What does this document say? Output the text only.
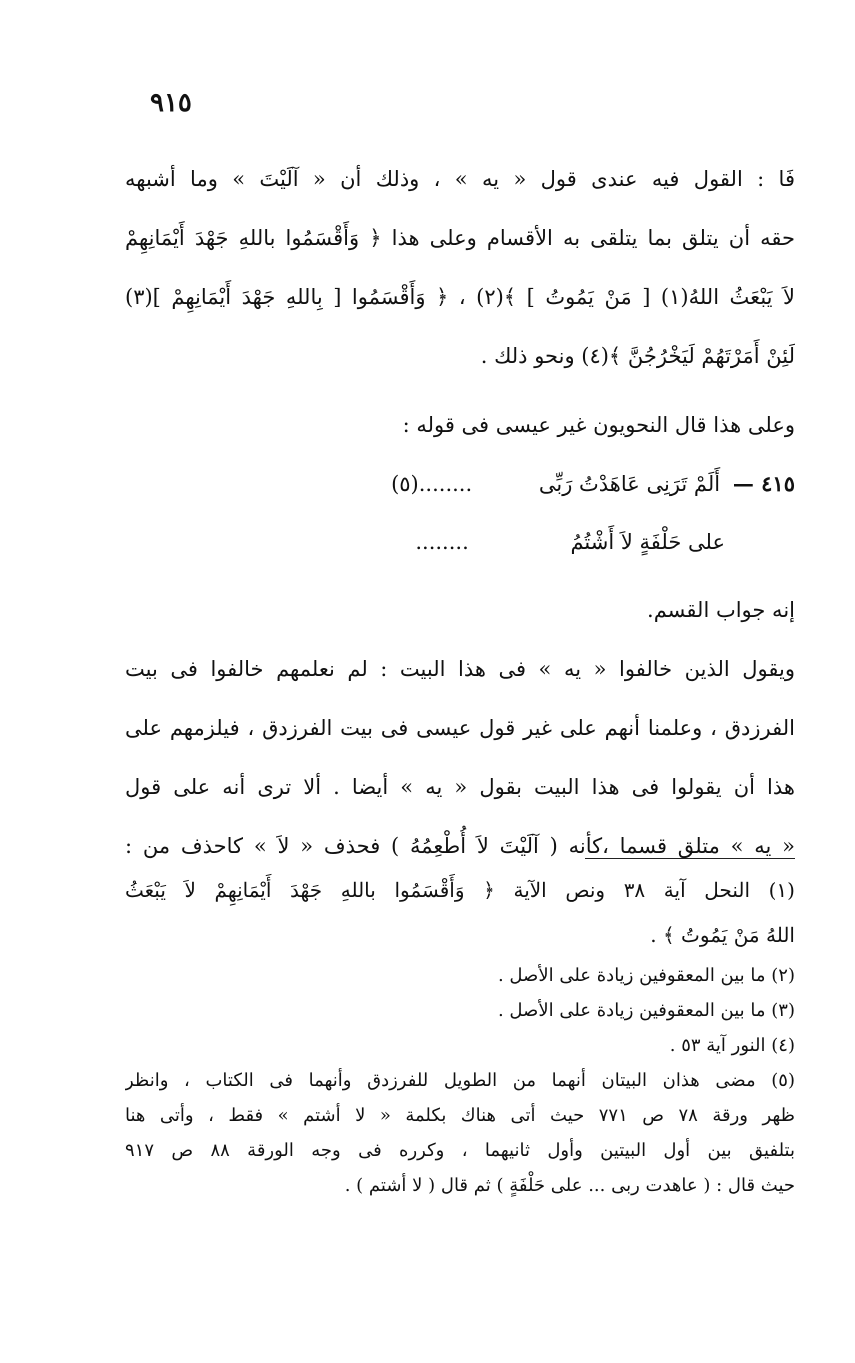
٩١٥
فَا : القول فيه عندى قول « يه » ، وذلك أن « آلَيْتَ » وما أشبهه
حقه أن يتلق بما يتلقى به الأقسام وعلى هذا ﴿ وَأَقْسَمُوا باللهِ جَهْدَ أَيْمَانِهِمْ
لاَ يَبْعَثُ اللهُ(١) [ مَنْ يَمُوتُ ] ﴾(٢) ، ﴿ وَأَقْسَمُوا [ بِاللهِ جَهْدَ أَيْمَانِهِمْ ](٣)
لَئِنْ أَمَرْتَهُمْ لَيَخْرُجُنَّ ﴾(٤) ونحو ذلك .
وعلى هذا قال النحويون غير عيسى فى قوله :
٤١٥ — أَلَمْ تَرَنِى عَاهَدْتُ رَبِّى ........(٥)
على حَلْفَةٍ لاَ أَشْتُمُ ........
إنه جواب القسم.
ويقول الذين خالفوا « يه » فى هذا البيت : لم نعلمهم خالفوا فى بيت
الفرزدق ، وعلمنا أنهم على غير قول عيسى فى بيت الفرزدق ، فيلزمهم على
هذا أن يقولوا فى هذا البيت بقول « يه » أيضا . ألا ترى أنه على قول
« يه » متلق قسما ،كأنه ( آلَيْتَ لاَ أُطْعِمُهُ ) فحذف « لاَ » كاحذف من :
(١) النحل آية ٣٨ ونص الآية ﴿ وَأَقْسَمُوا باللهِ جَهْدَ أَيْمَانِهِمْ لاَ يَبْعَثُ
اللهُ مَنْ يَمُوتُ ﴾ .
(٢) ما بين المعقوفين زيادة على الأصل .
(٣) ما بين المعقوفين زيادة على الأصل .
(٤) النور آية ٥٣ .
(٥) مضى هذان البيتان أنهما من الطويل للفرزدق وأنهما فى الكتاب ، وانظر
ظهر ورقة ٧٨ ص ٧٧١ حيث أتى هناك بكلمة « لا أشتم » فقط ، وأتى هنا
بتلفيق بين أول البيتين وأول ثانيهما ، وكرره فى وجه الورقة ٨٨ ص ٩١٧
حيث قال : ( عاهدت ربى ... على حَلْفَةٍ ) ثم قال ( لا أشتم ) .
